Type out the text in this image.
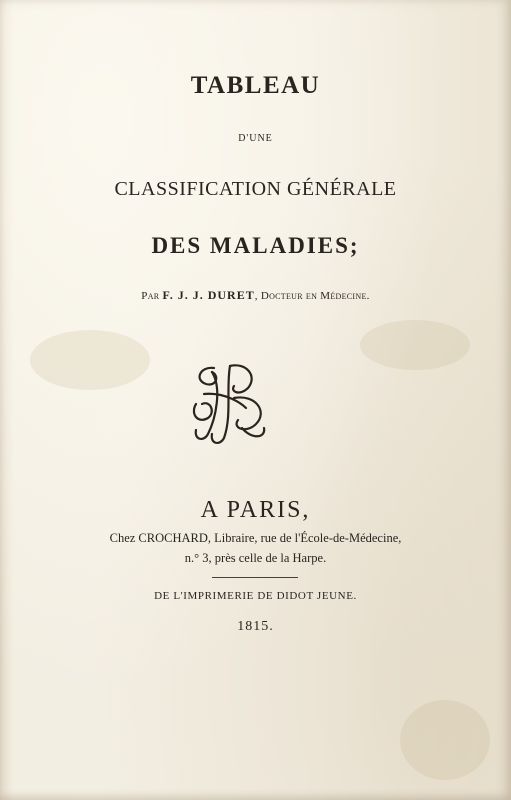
TABLEAU
D'UNE
CLASSIFICATION GÉNÉRALE
DES MALADIES;
Par F. J. J. DURET, Docteur en Médecine.
A PARIS,
Chez CROCHARD, Libraire, rue de l'École-de-Médecine,
n.° 3, près celle de la Harpe.
DE L'IMPRIMERIE DE DIDOT JEUNE.
1815.
